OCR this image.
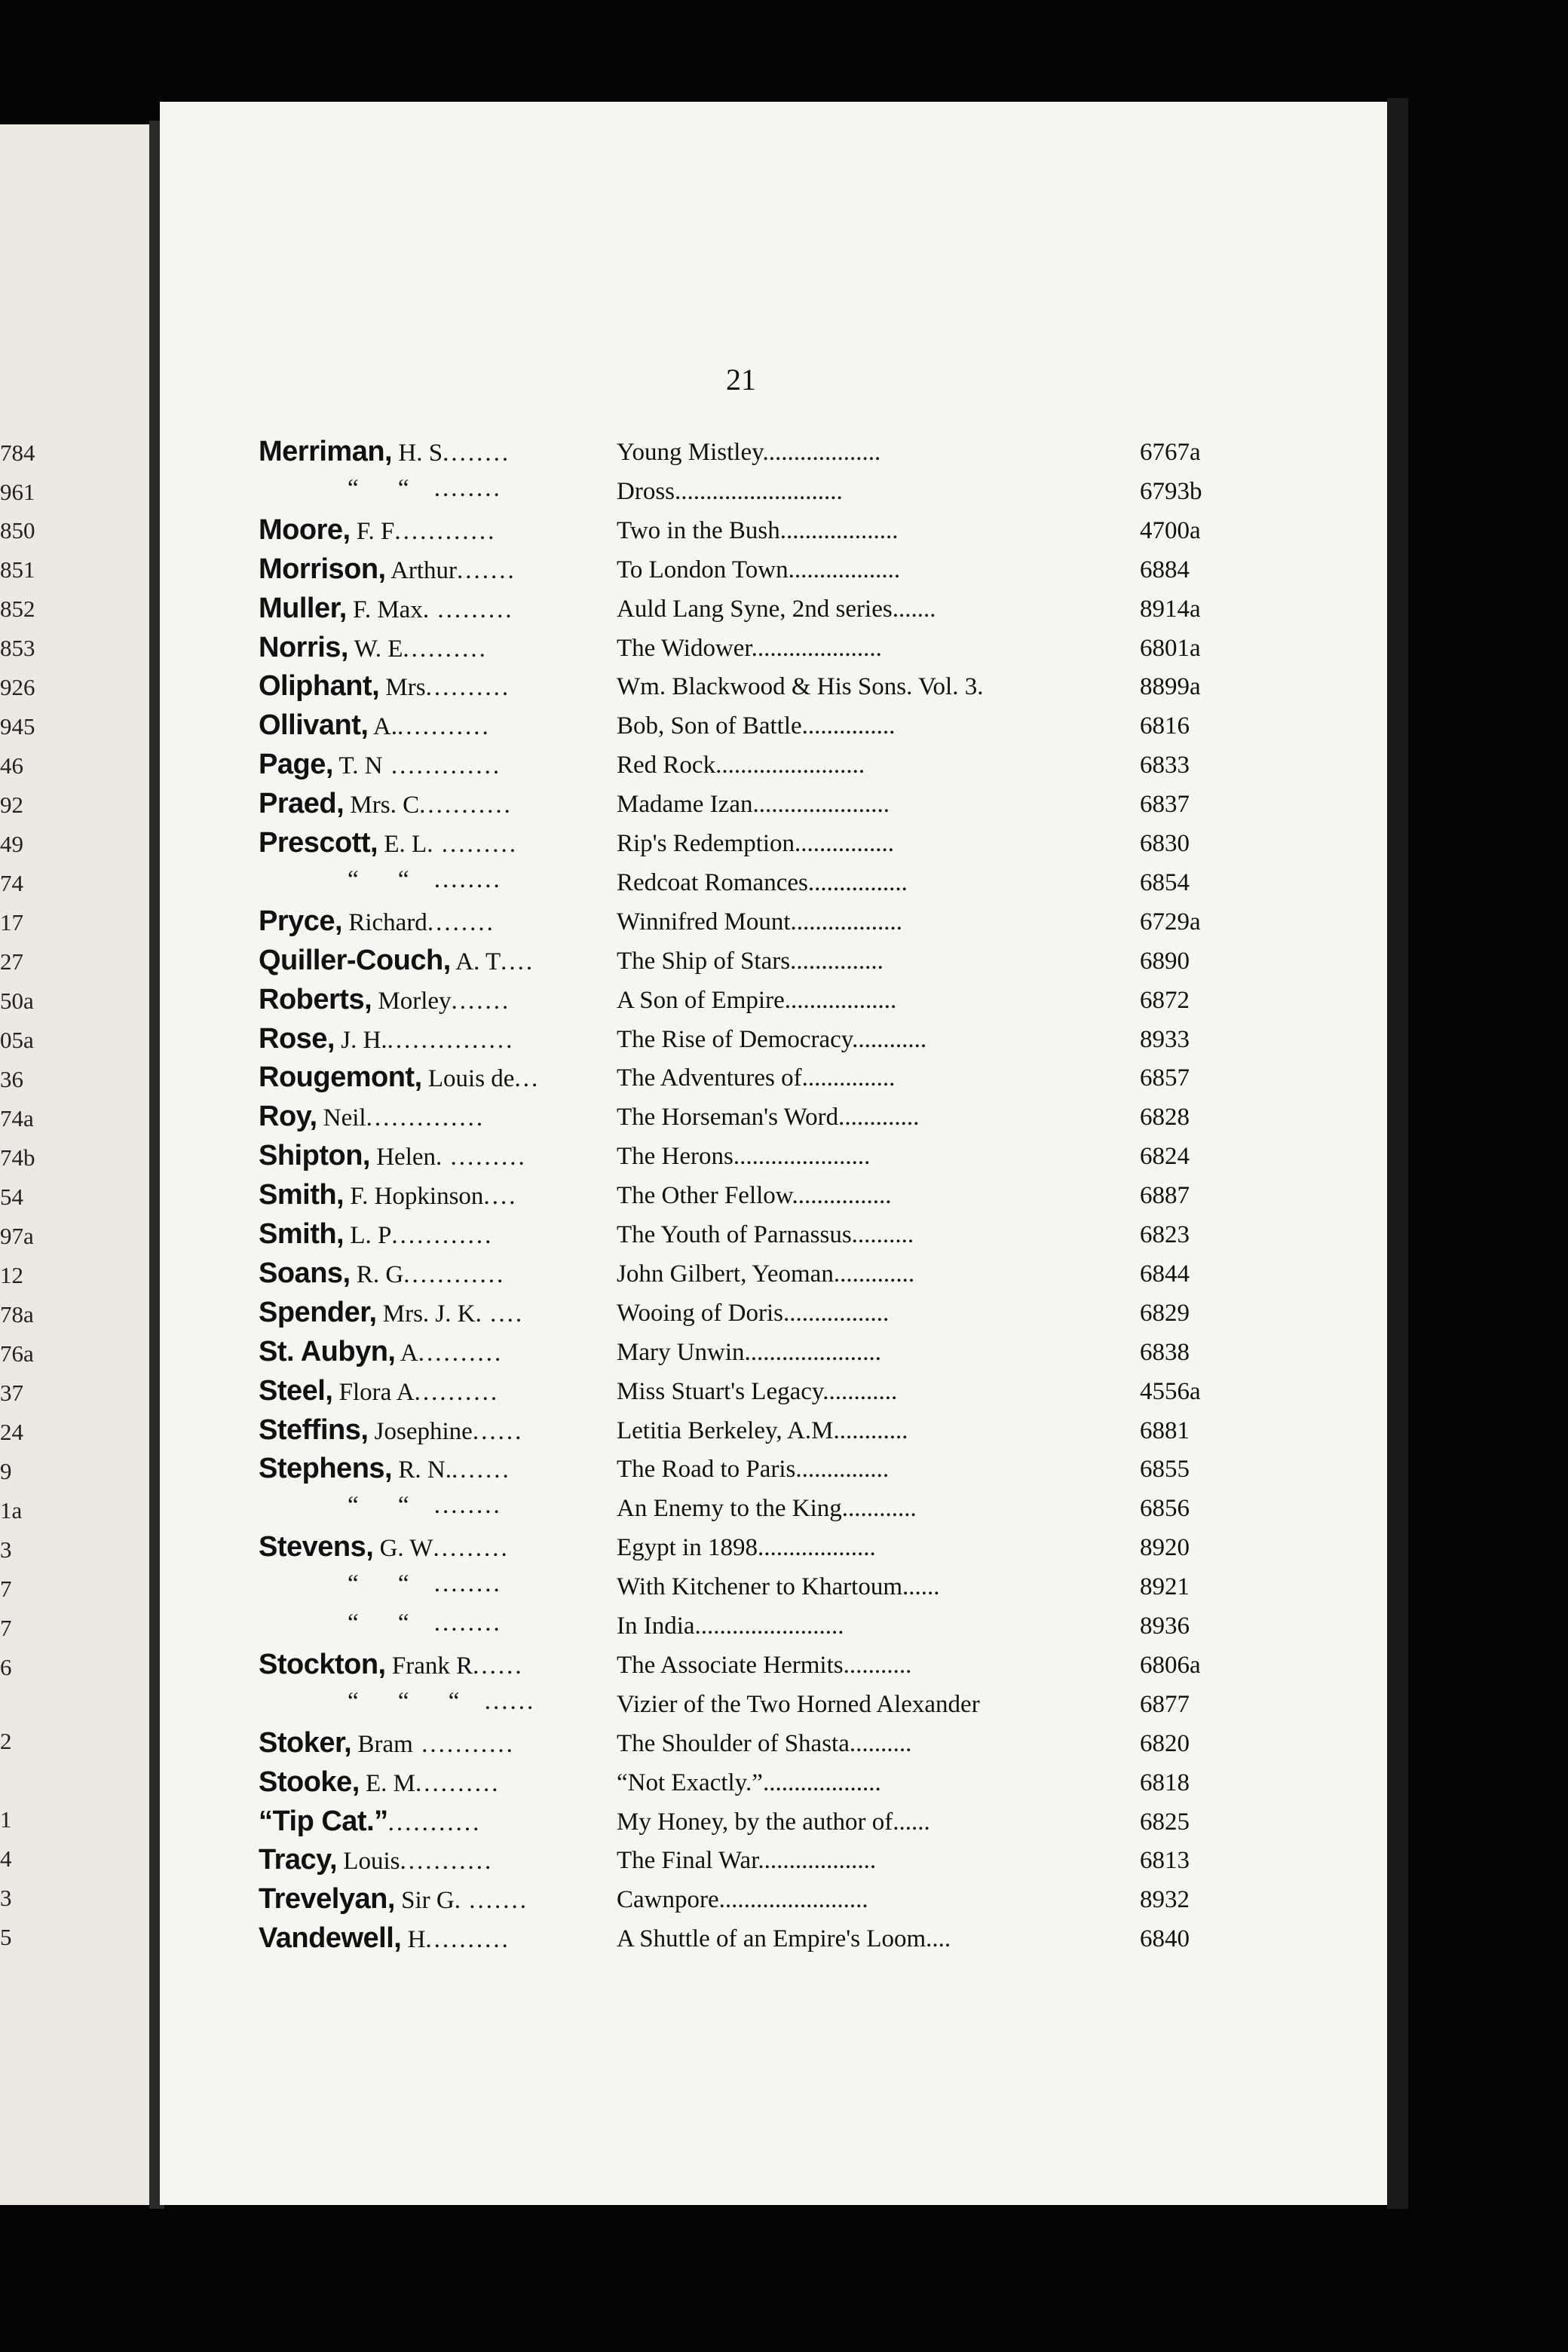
784
961
850
851
852
853
926
945
46
92
49
74
17
27
50a
05a
36
74a
74b
54
97a
12
78a
76a
37
24
9
1a
3
7
7
6
2
1
4
3
5
21
Merriman, H. S........	Young Mistley...................	6767a
“ “ ........	Dross...........................	6793b
Moore, F. F............	Two in the Bush...................	4700a
Morrison, Arthur.......	To London Town..................	6884
Muller, F. Max. .........	Auld Lang Syne, 2nd series.......	8914a
Norris, W. E..........	The Widower.....................	6801a
Oliphant, Mrs..........	Wm. Blackwood & His Sons. Vol. 3.	8899a
Ollivant, A............	Bob, Son of Battle...............	6816
Page, T. N .............	Red Rock........................	6833
Praed, Mrs. C...........	Madame Izan......................	6837
Prescott, E. L. .........	Rip's Redemption................	6830
“ “ ........	Redcoat Romances................	6854
Pryce, Richard........	Winnifred Mount..................	6729a
Quiller-Couch, A. T....	The Ship of Stars...............	6890
Roberts, Morley.......	A Son of Empire..................	6872
Rose, J. H................	The Rise of Democracy............	8933
Rougemont, Louis de...	The Adventures of...............	6857
Roy, Neil..............	The Horseman's Word.............	6828
Shipton, Helen. .........	The Herons......................	6824
Smith, F. Hopkinson....	The Other Fellow................	6887
Smith, L. P............	The Youth of Parnassus..........	6823
Soans, R. G............	John Gilbert, Yeoman.............	6844
Spender, Mrs. J. K. ....	Wooing of Doris.................	6829
St. Aubyn, A..........	Mary Unwin......................	6838
Steel, Flora A..........	Miss Stuart's Legacy............	4556a
Steffins, Josephine......	Letitia Berkeley, A.M............	6881
Stephens, R. N........	The Road to Paris...............	6855
“ “ ........	An Enemy to the King............	6856
Stevens, G. W.........	Egypt in 1898...................	8920
“ “ ........	With Kitchener to Khartoum......	8921
“ “ ........	In India........................	8936
Stockton, Frank R......	The Associate Hermits...........	6806a
“ “ “ ......	Vizier of the Two Horned Alexander	6877
Stoker, Bram ...........	The Shoulder of Shasta..........	6820
Stooke, E. M..........	“Not Exactly.”...................	6818
“Tip Cat.”...........	My Honey, by the author of......	6825
Tracy, Louis...........	The Final War...................	6813
Trevelyan, Sir G. .......	Cawnpore........................	8932
Vandewell, H..........	A Shuttle of an Empire's Loom....	6840
